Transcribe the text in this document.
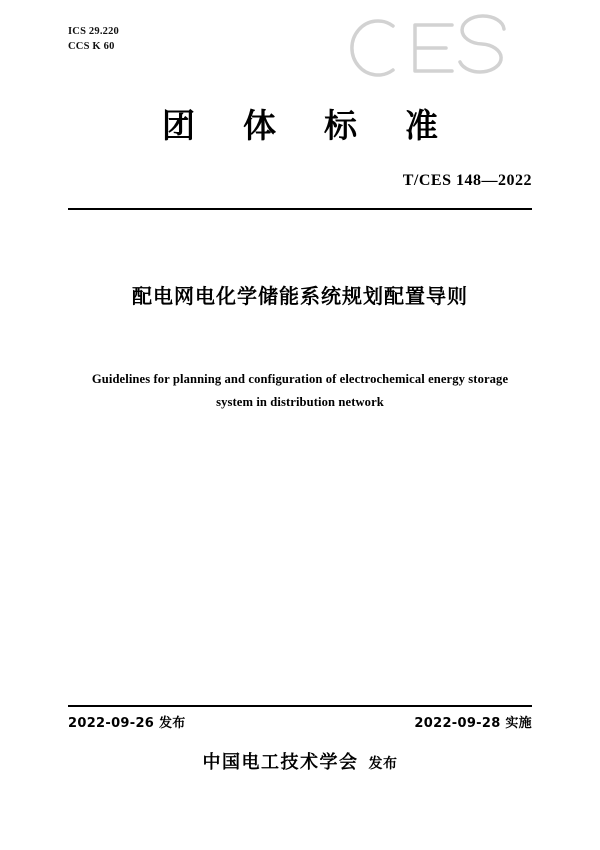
ICS 29.220
CCS K 60
团体标准
T/CES 148—2022
配电网电化学储能系统规划配置导则
Guidelines for planning and configuration of electrochemical energy storage
system in distribution network
2022-09-26 发布	2022-09-28 实施
中国电工技术学会 发布
